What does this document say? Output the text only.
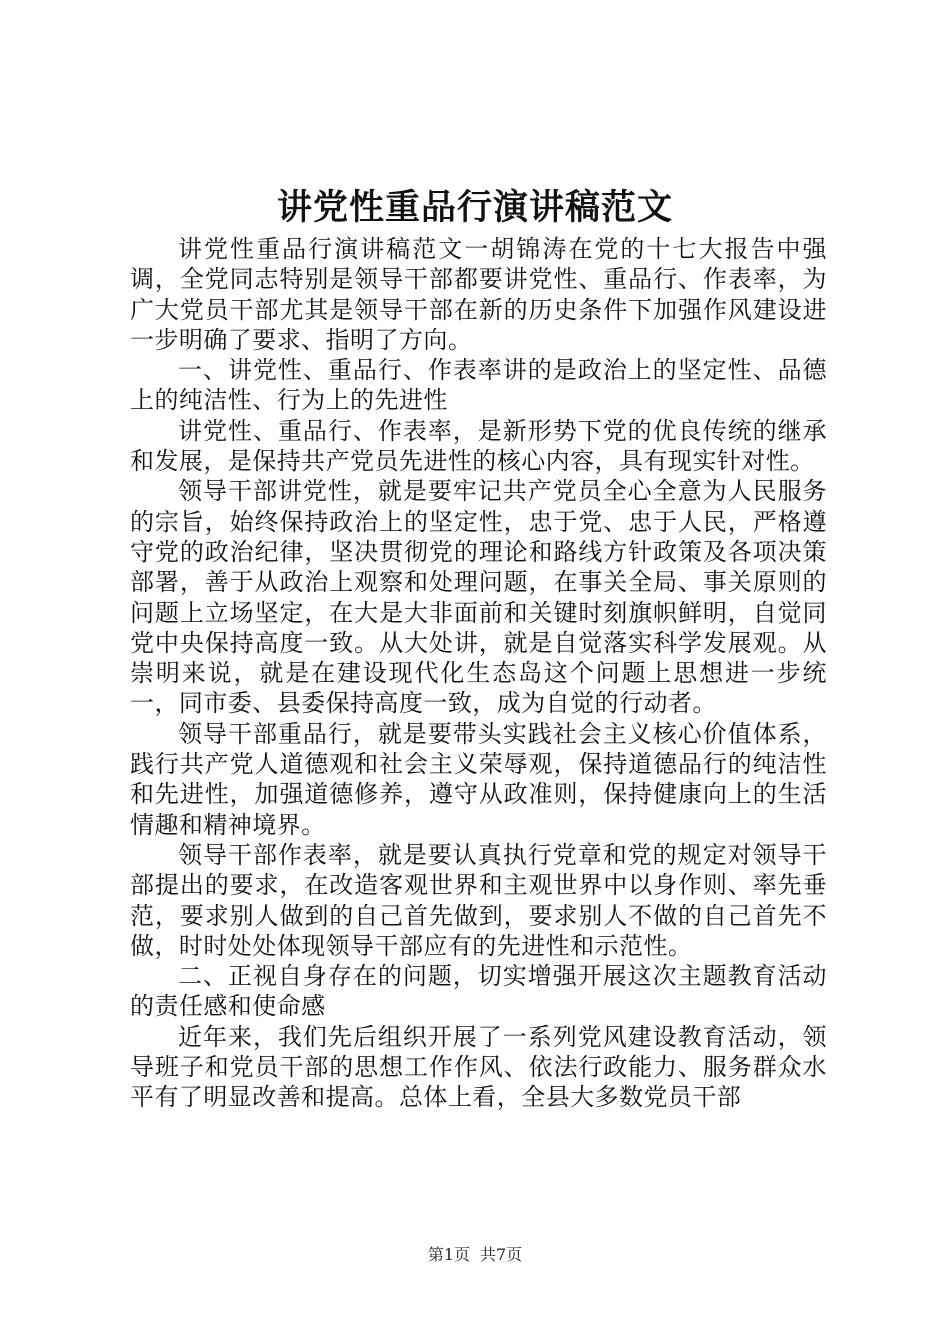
讲党性重品行演讲稿范文

讲党性重品行演讲稿范文一胡锦涛在党的十七大报告中强调，全党同志特别是领导干部都要讲党性、重品行、作表率，为广大党员干部尤其是领导干部在新的历史条件下加强作风建设进一步明确了要求、指明了方向。

一、讲党性、重品行、作表率讲的是政治上的坚定性、品德上的纯洁性、行为上的先进性

讲党性、重品行、作表率，是新形势下党的优良传统的继承和发展，是保持共产党员先进性的核心内容，具有现实针对性。

领导干部讲党性，就是要牢记共产党员全心全意为人民服务的宗旨，始终保持政治上的坚定性，忠于党、忠于人民，严格遵守党的政治纪律，坚决贯彻党的理论和路线方针政策及各项决策部署，善于从政治上观察和处理问题，在事关全局、事关原则的问题上立场坚定，在大是大非面前和关键时刻旗帜鲜明，自觉同党中央保持高度一致。从大处讲，就是自觉落实科学发展观。从崇明来说，就是在建设现代化生态岛这个问题上思想进一步统一，同市委、县委保持高度一致，成为自觉的行动者。

领导干部重品行，就是要带头实践社会主义核心价值体系，践行共产党人道德观和社会主义荣辱观，保持道德品行的纯洁性和先进性，加强道德修养，遵守从政准则，保持健康向上的生活情趣和精神境界。

领导干部作表率，就是要认真执行党章和党的规定对领导干部提出的要求，在改造客观世界和主观世界中以身作则、率先垂范，要求别人做到的自己首先做到，要求别人不做的自己首先不做，时时处处体现领导干部应有的先进性和示范性。

二、正视自身存在的问题，切实增强开展这次主题教育活动的责任感和使命感

近年来，我们先后组织开展了一系列党风建设教育活动，领导班子和党员干部的思想工作作风、依法行政能力、服务群众水平有了明显改善和提高。总体上看，全县大多数党员干部

第1页 共7页
